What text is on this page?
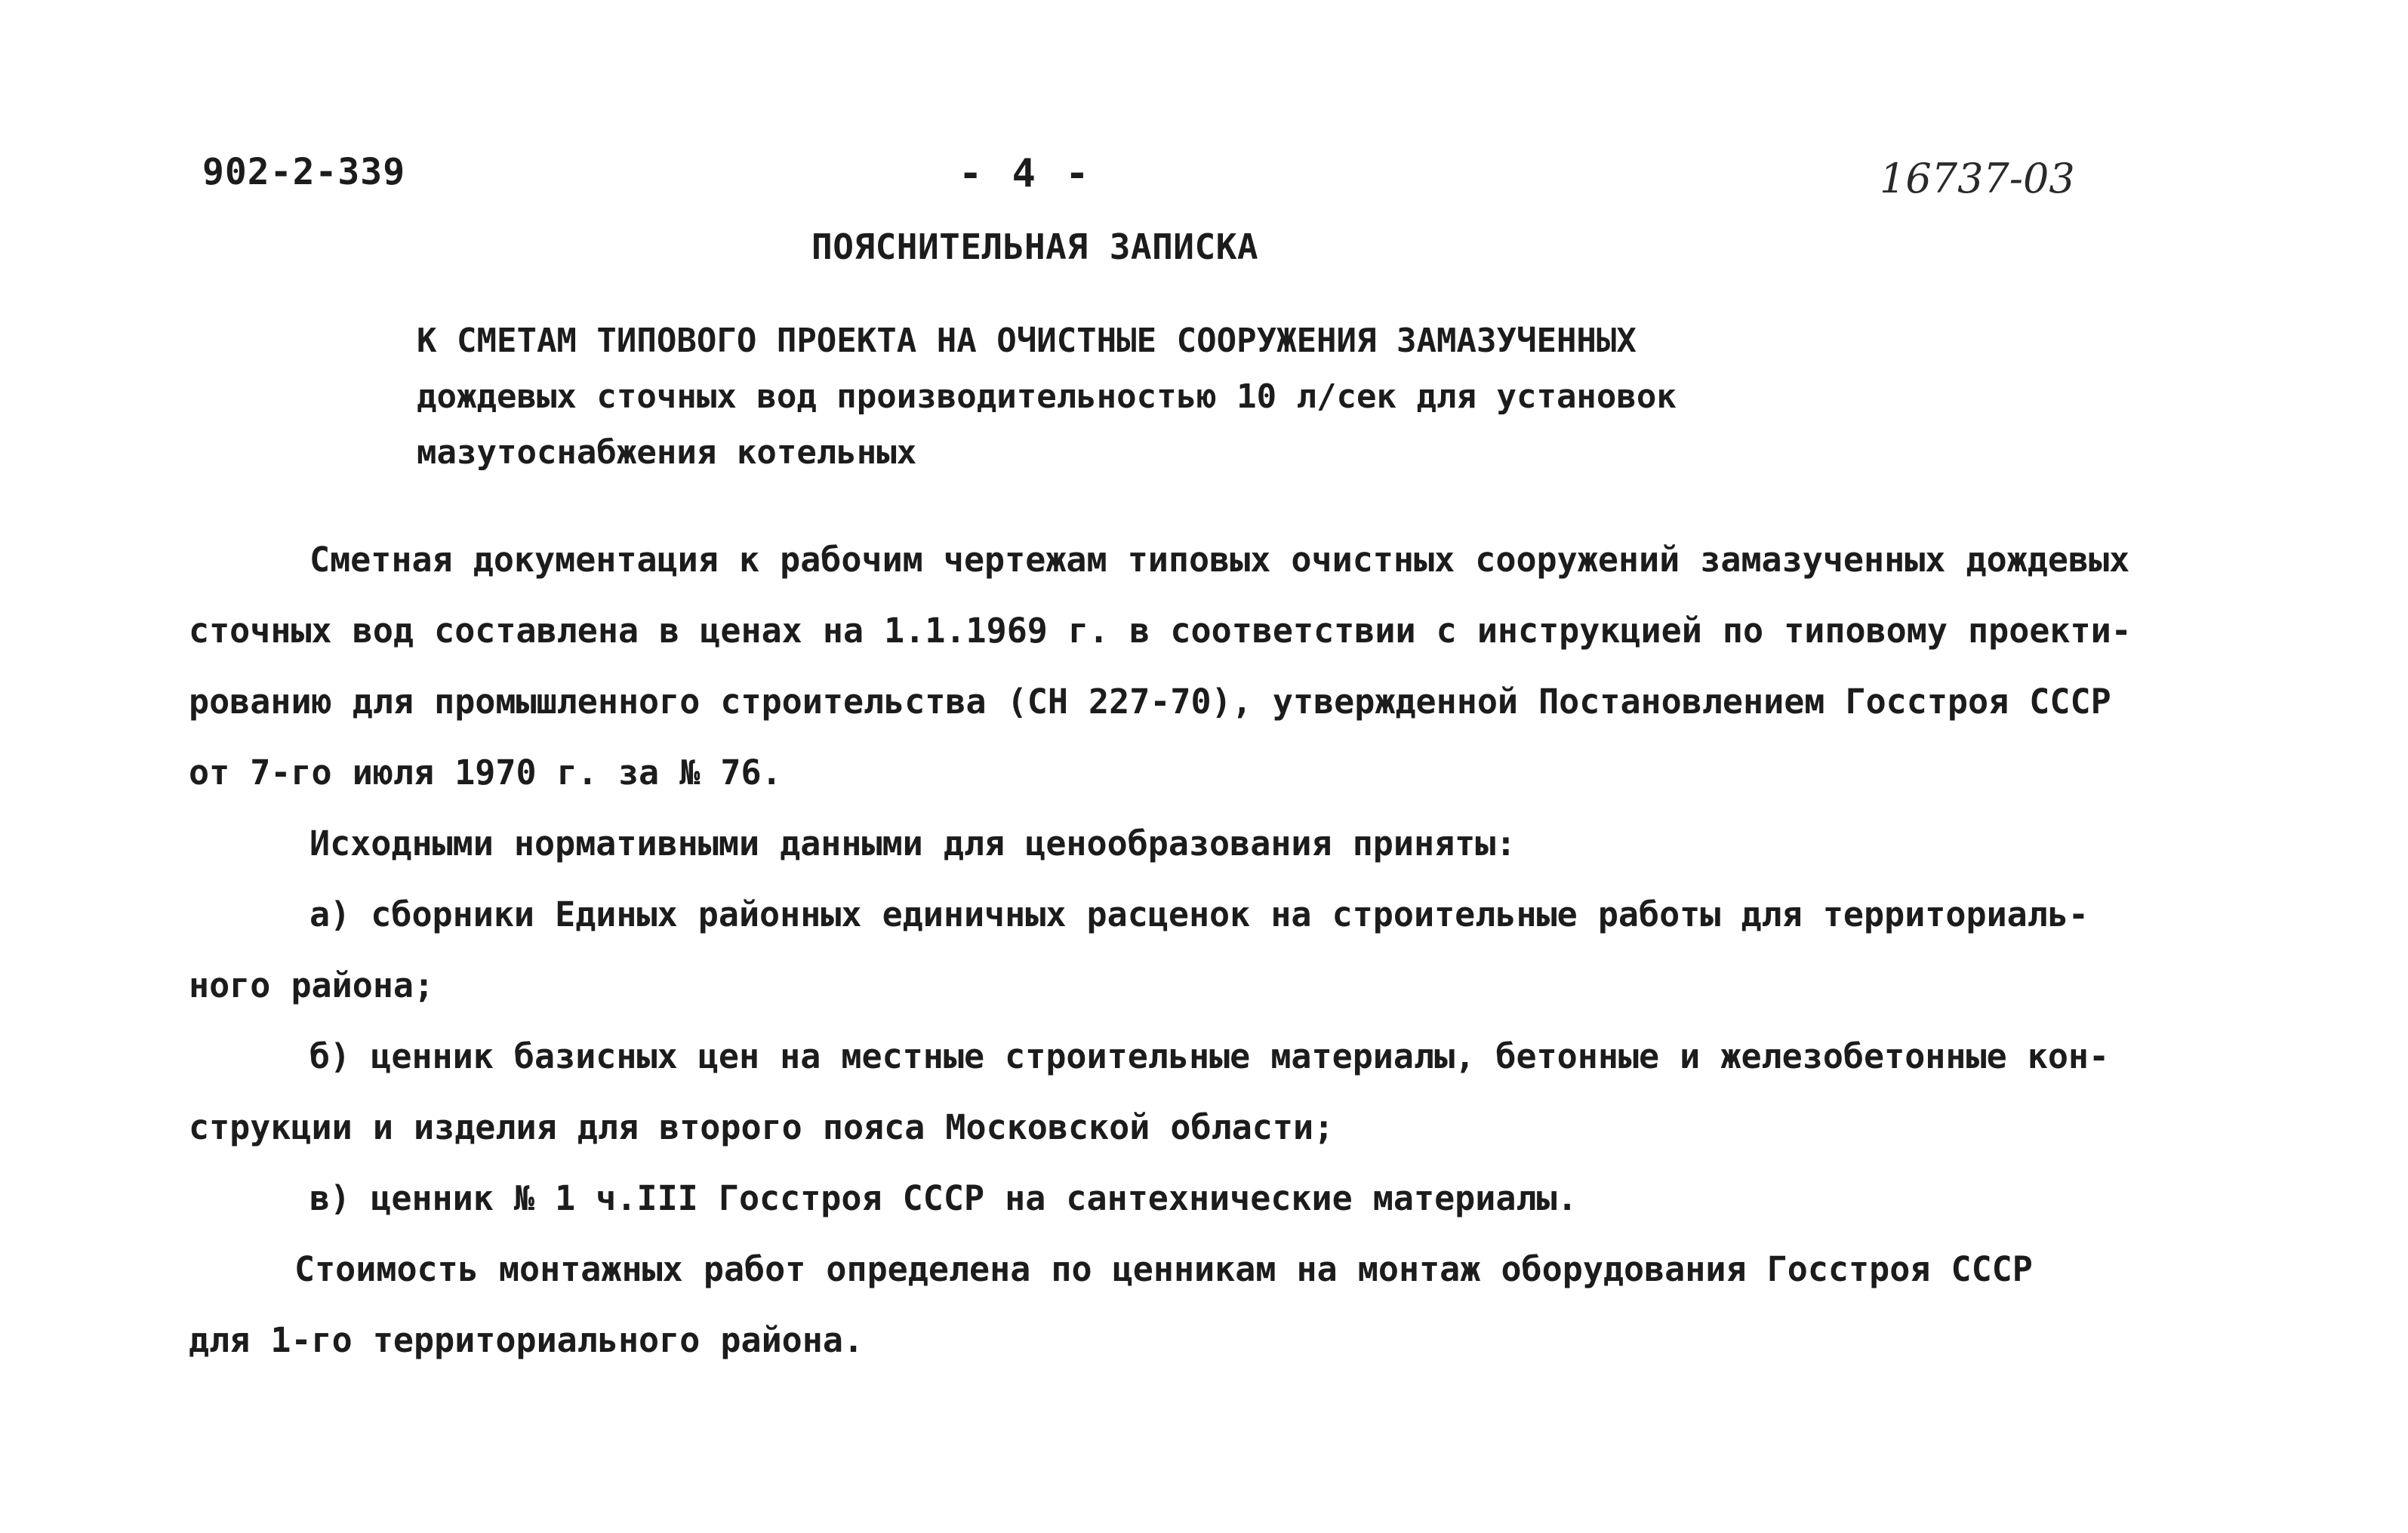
902-2-339	- 4 -	16737-03
ПОЯСНИТЕЛЬНАЯ ЗАПИСКА
К СМЕТАМ ТИПОВОГО ПРОЕКТА НА ОЧИСТНЫЕ СООРУЖЕНИЯ ЗАМАЗУЧЕННЫХ
дождевых сточных вод производительностью 10 л/сек для установок
мазутоснабжения котельных
Сметная документация к рабочим чертежам типовых очистных сооружений замазученных дождевых
сточных вод составлена в ценах на 1.1.1969 г. в соответствии с инструкцией по типовому проекти-
рованию для промышленного строительства (СН 227-70), утвержденной Постановлением Госстроя СССР
от 7-го июля 1970 г. за № 76.
Исходными нормативными данными для ценообразования приняты:
а) сборники Единых районных единичных расценок на строительные работы для территориаль-
ного района;
б) ценник базисных цен на местные строительные материалы, бетонные и железобетонные кон-
струкции и изделия для второго пояса Московской области;
в) ценник № 1 ч.III Госстроя СССР на сантехнические материалы.
Стоимость монтажных работ определена по ценникам на монтаж оборудования Госстроя СССР
для 1-го территориального района.
